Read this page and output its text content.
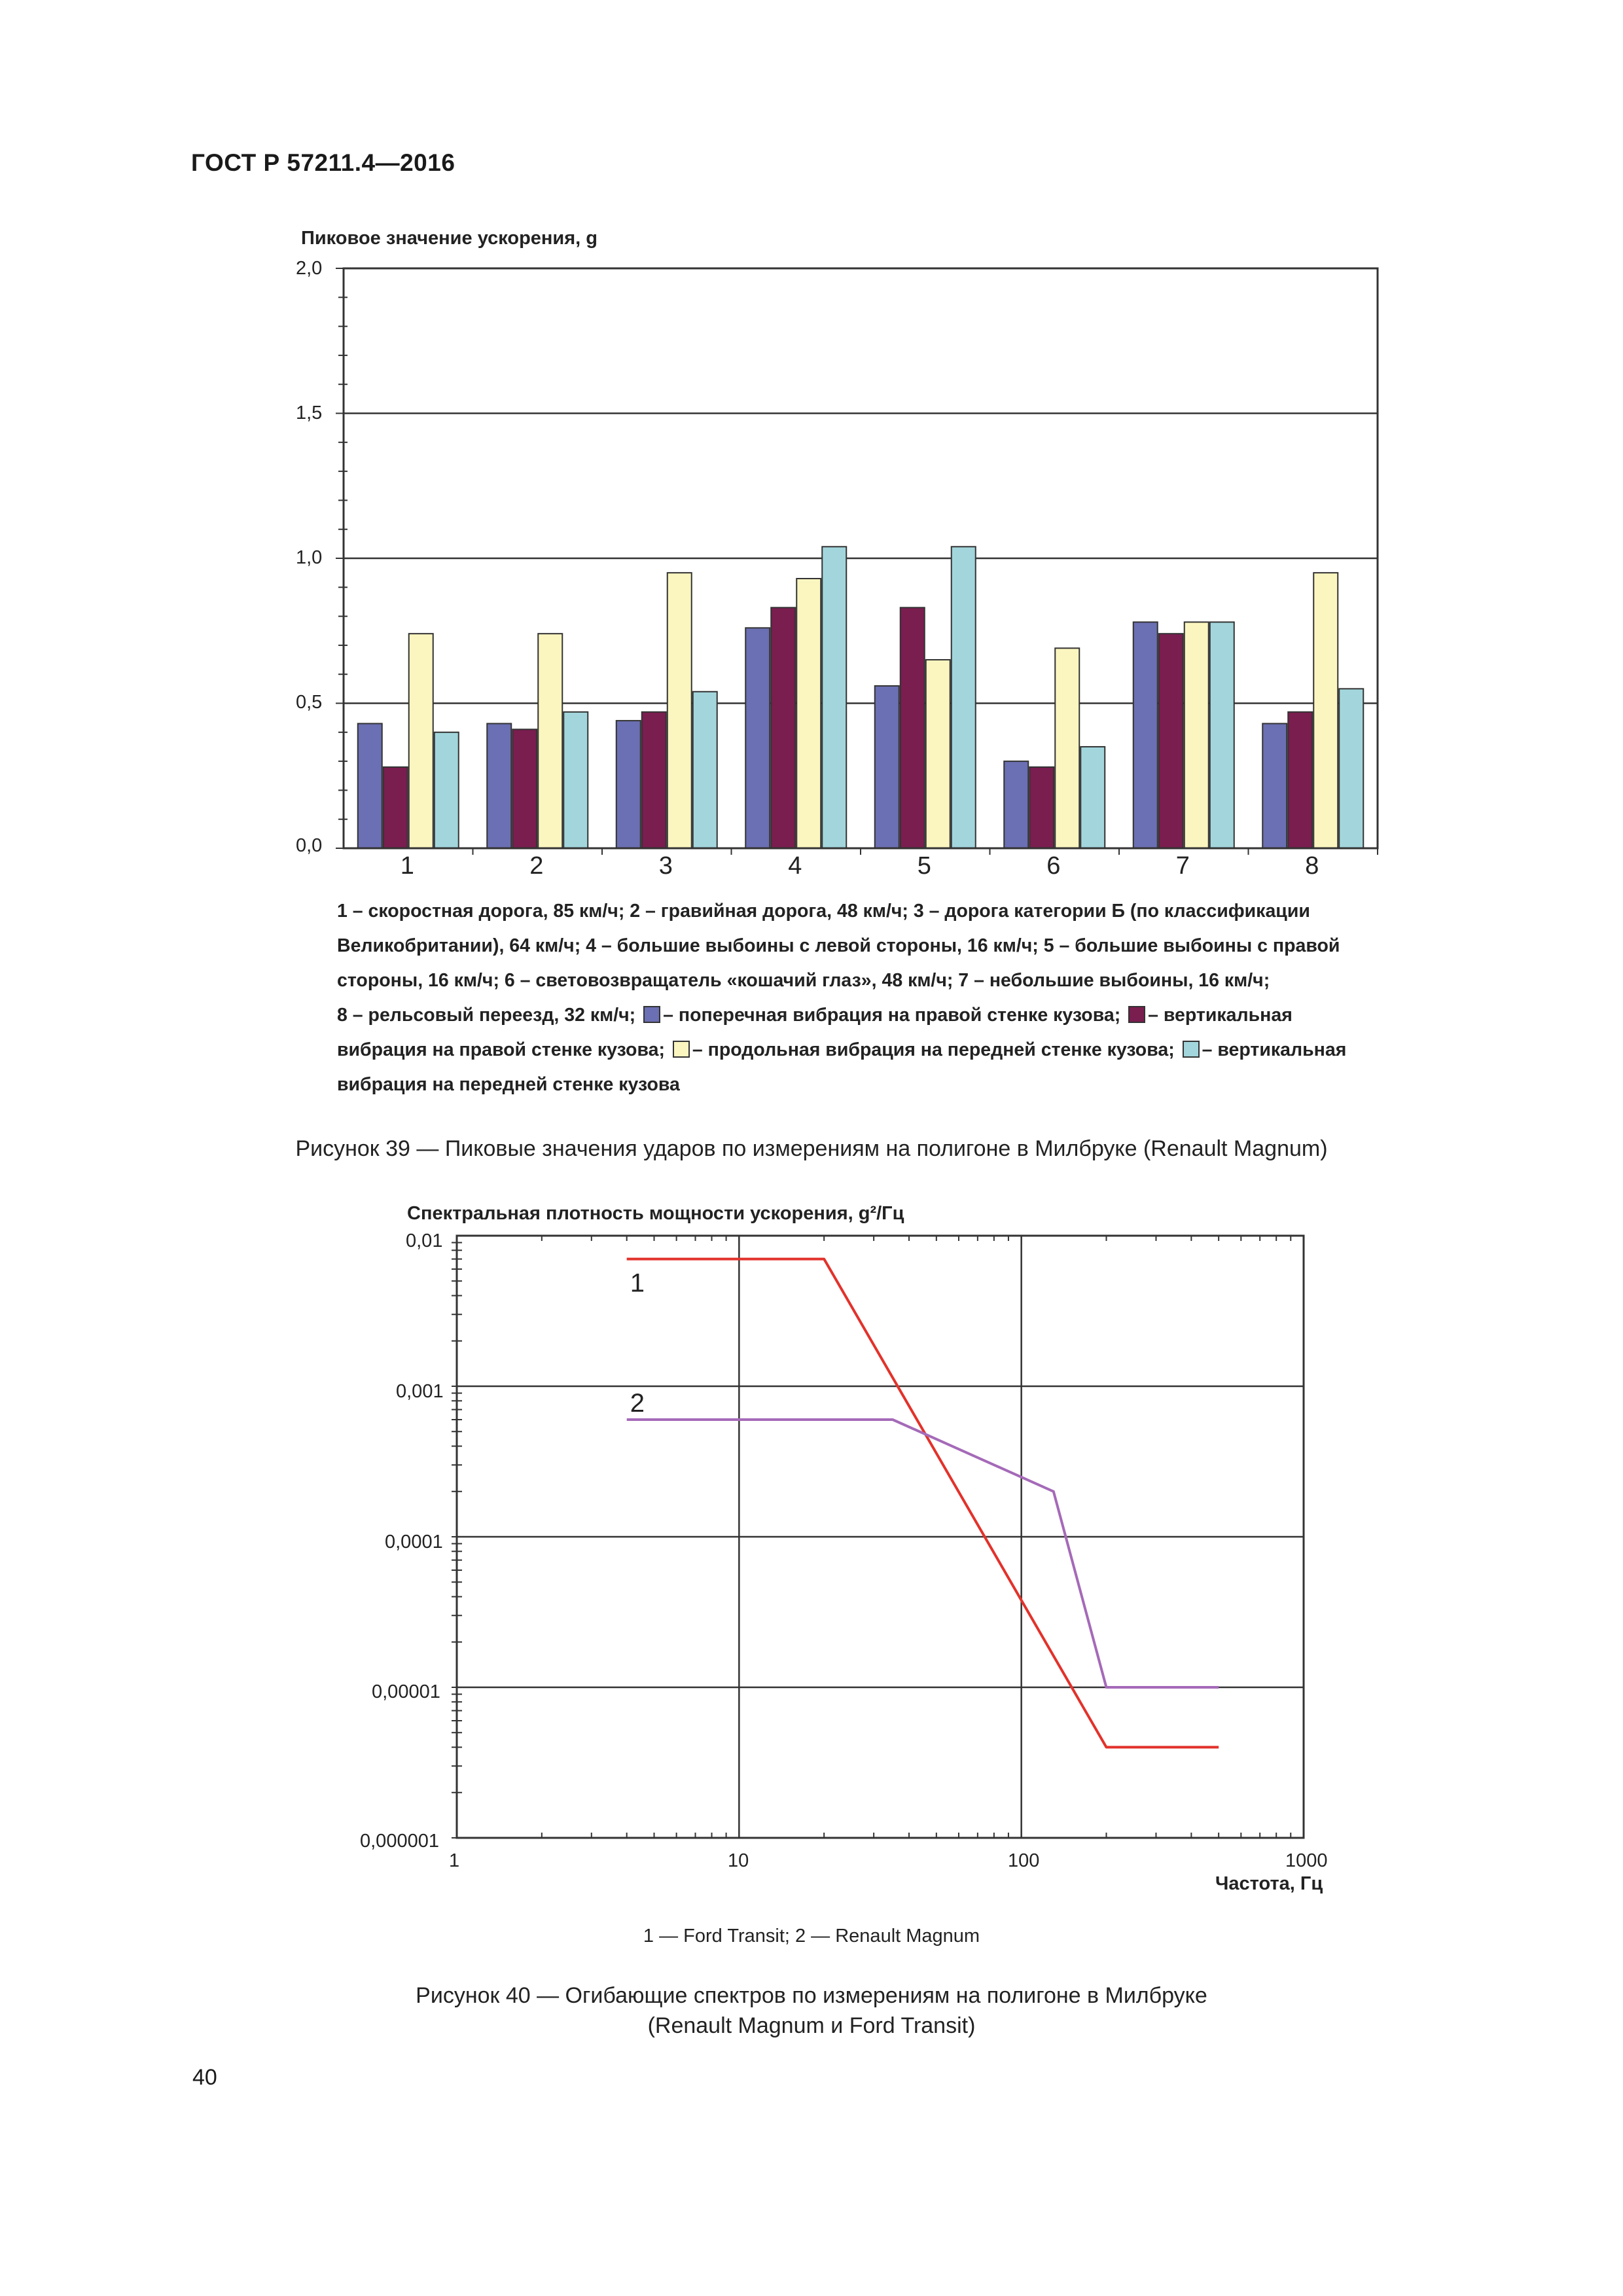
ГОСТ Р 57211.4—2016
Пиковое значение ускорения, g
2,0
1,5
1,0
0,5
0,0
1	2	3	4	5	6	7	8
1 – скоростная дорога, 85 км/ч; 2 – гравийная дорога, 48 км/ч; 3 – дорога категории Б (по классификации
Великобритании), 64 км/ч; 4 – большие выбоины с левой стороны, 16 км/ч; 5 – большие выбоины с правой
стороны, 16 км/ч; 6 – световозвращатель «кошачий глаз», 48 км/ч; 7 – небольшие выбоины, 16 км/ч;
8 – рельсовый переезд, 32 км/ч; – поперечная вибрация на правой стенке кузова; – вертикальная
вибрация на правой стенке кузова; – продольная вибрация на передней стенке кузова; – вертикальная
вибрация на передней стенке кузова
Рисунок 39 — Пиковые значения ударов по измерениям на полигоне в Милбруке (Renault Magnum)
Спектральная плотность мощности ускорения, g²/Гц
0,01
0,001
0,0001
0,00001
0,000001
1	10	100	1000
Частота, Гц
1
2
1 — Ford Transit; 2 — Renault Magnum
Рисунок 40 — Огибающие спектров по измерениям на полигоне в Милбруке
(Renault Magnum и Ford Transit)
40
